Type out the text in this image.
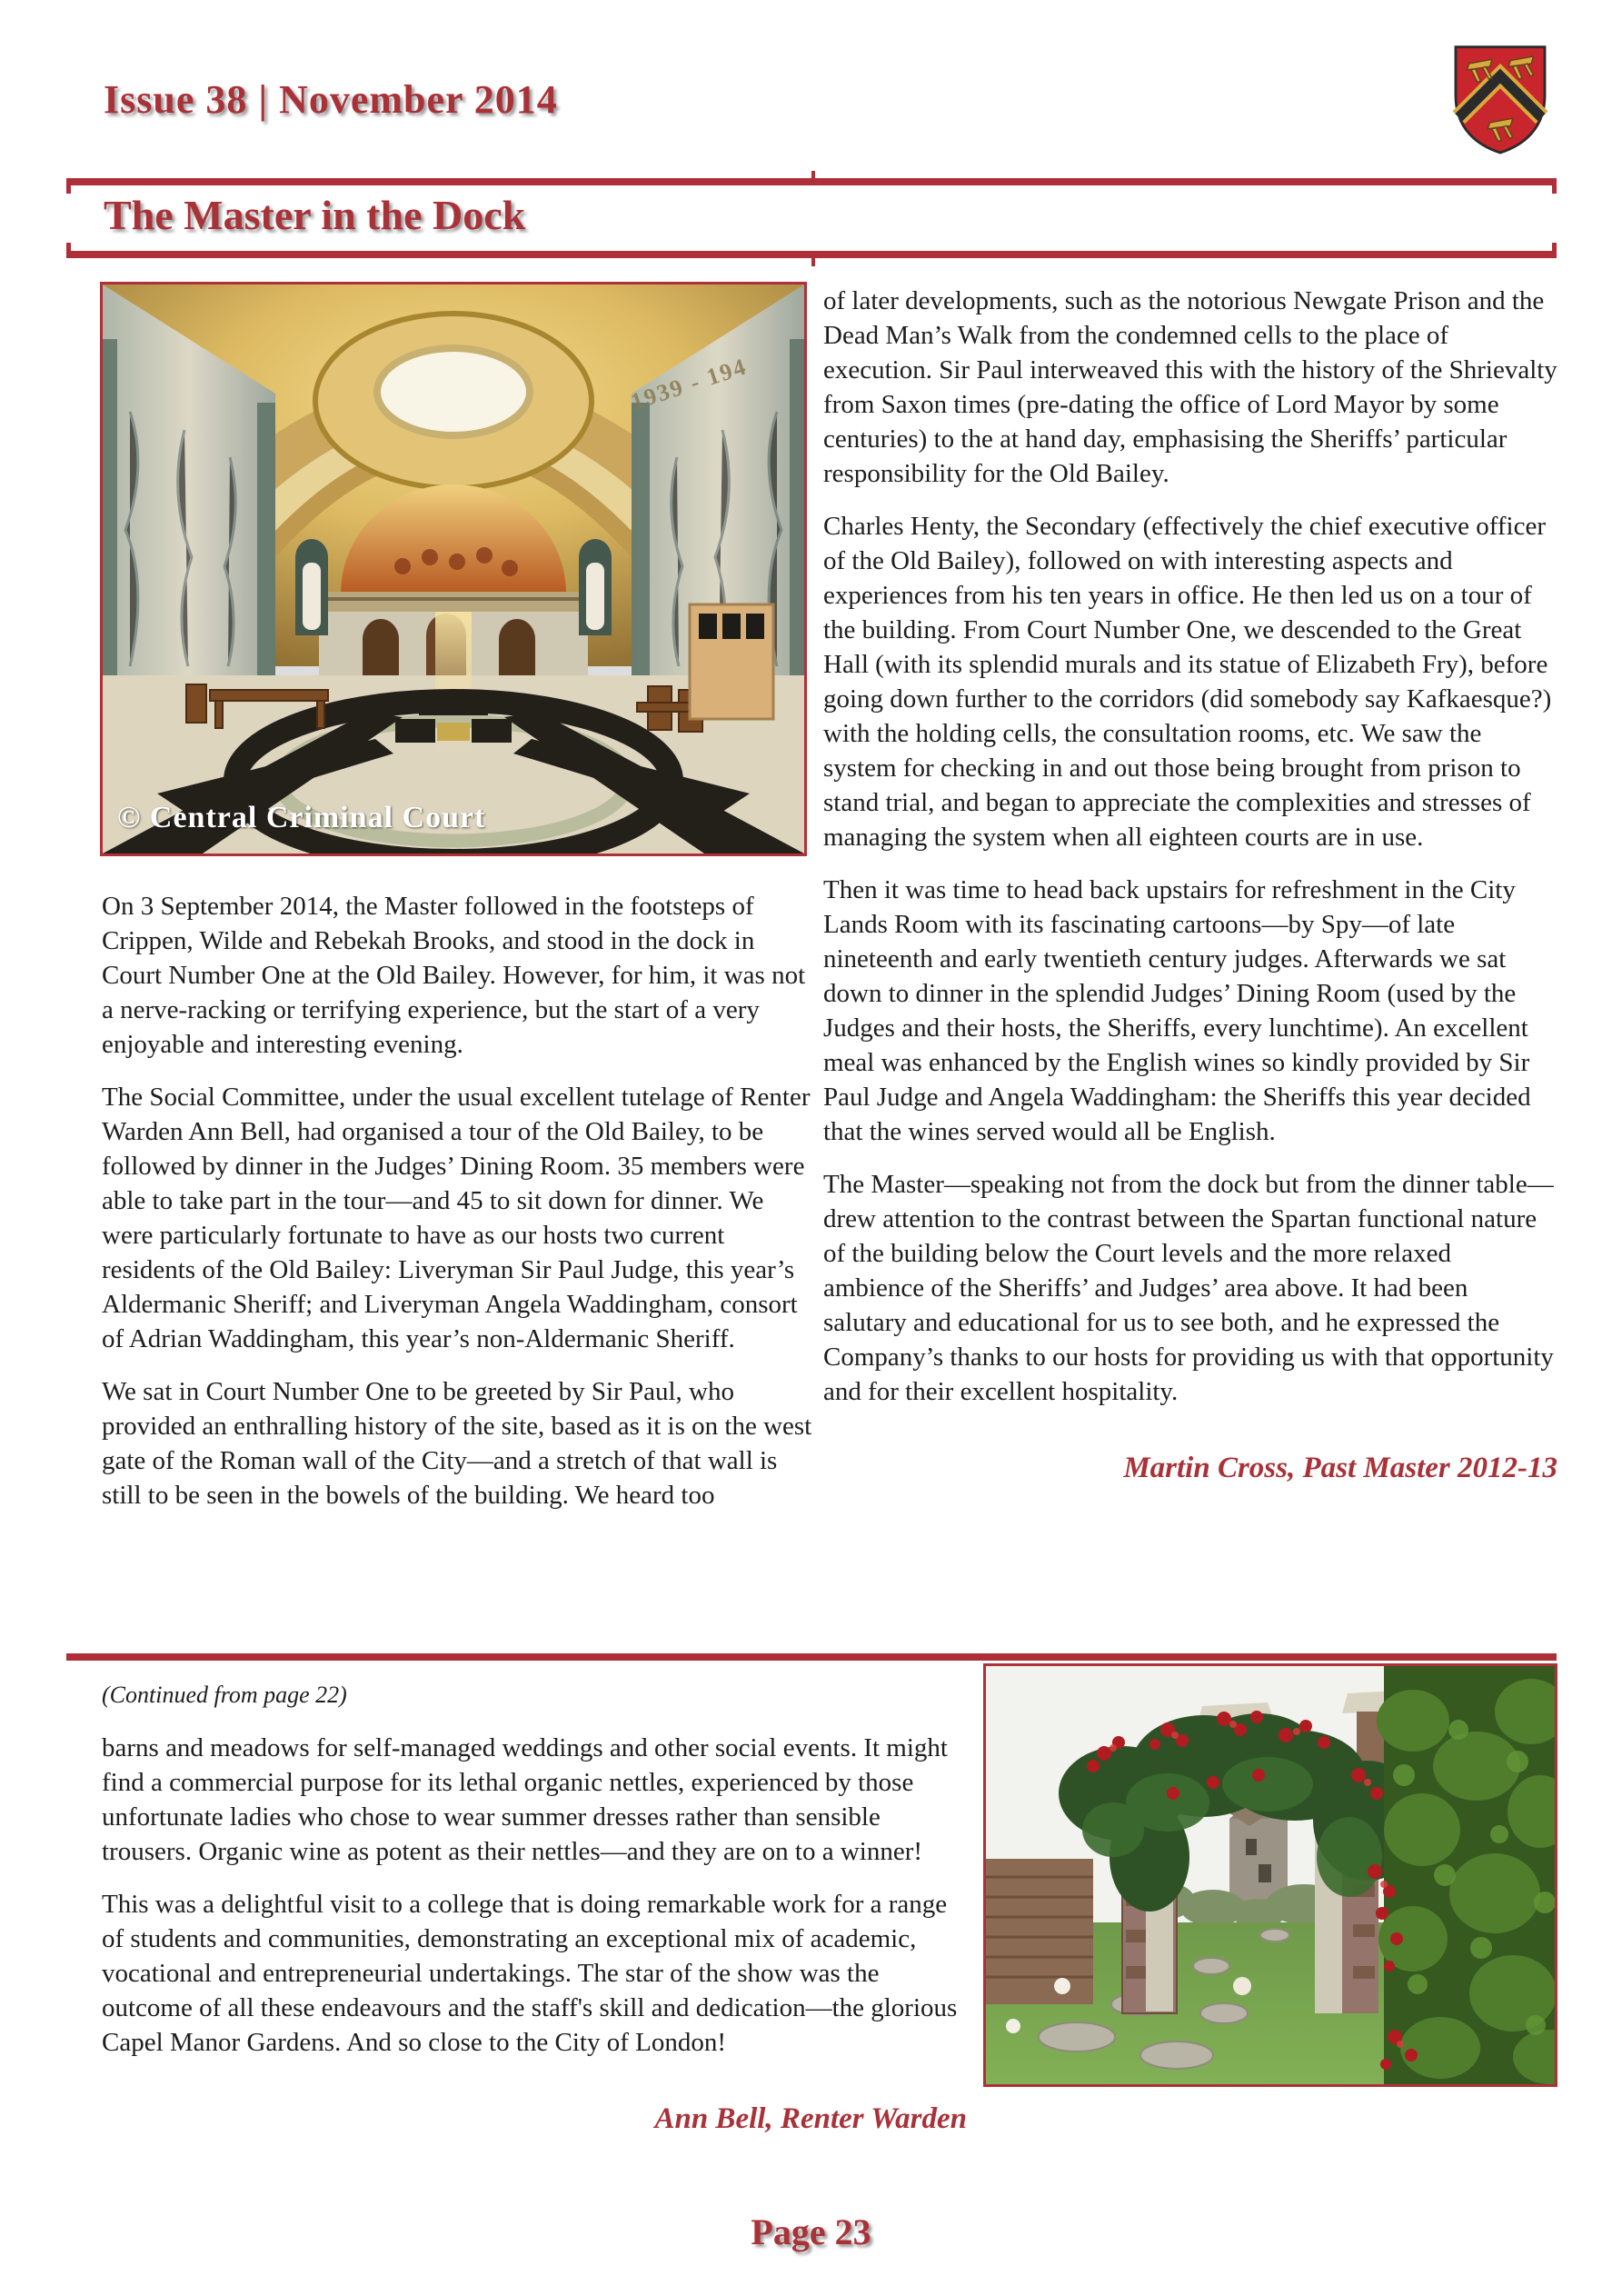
Issue 38 | November 2014
The Master in the Dock
1939 - 194
© Central Criminal Court

of later developments, such as the notorious Newgate Prison and the Dead Man’s Walk from the condemned cells to the place of execution. Sir Paul interweaved this with the history of the Shrievalty from Saxon times (pre-dating the office of Lord Mayor by some centuries) to the at hand day, emphasising the Sheriffs’ particular responsibility for the Old Bailey.

Charles Henty, the Secondary (effectively the chief executive officer of the Old Bailey), followed on with interesting aspects and experiences from his ten years in office. He then led us on a tour of the building. From Court Number One, we descended to the Great Hall (with its splendid murals and its statue of Elizabeth Fry), before going down further to the corridors (did somebody say Kafkaesque?) with the holding cells, the consultation rooms, etc. We saw the system for checking in and out those being brought from prison to stand trial, and began to appreciate the complexities and stresses of managing the system when all eighteen courts are in use.

Then it was time to head back upstairs for refreshment in the City Lands Room with its fascinating cartoons—by Spy—of late nineteenth and early twentieth century judges. Afterwards we sat down to dinner in the splendid Judges’ Dining Room (used by the Judges and their hosts, the Sheriffs, every lunchtime). An excellent meal was enhanced by the English wines so kindly provided by Sir Paul Judge and Angela Waddingham: the Sheriffs this year decided that the wines served would all be English.

The Master—speaking not from the dock but from the dinner table—drew attention to the contrast between the Spartan functional nature of the building below the Court levels and the more relaxed ambience of the Sheriffs’ and Judges’ area above. It had been salutary and educational for us to see both, and he expressed the Company’s thanks to our hosts for providing us with that opportunity and for their excellent hospitality.

Martin Cross, Past Master 2012-13

On 3 September 2014, the Master followed in the footsteps of Crippen, Wilde and Rebekah Brooks, and stood in the dock in Court Number One at the Old Bailey. However, for him, it was not a nerve-racking or terrifying experience, but the start of a very enjoyable and interesting evening.

The Social Committee, under the usual excellent tutelage of Renter Warden Ann Bell, had organised a tour of the Old Bailey, to be followed by dinner in the Judges’ Dining Room. 35 members were able to take part in the tour—and 45 to sit down for dinner. We were particularly fortunate to have as our hosts two current residents of the Old Bailey: Liveryman Sir Paul Judge, this year’s Aldermanic Sheriff; and Liveryman Angela Waddingham, consort of Adrian Waddingham, this year’s non-Aldermanic Sheriff.

We sat in Court Number One to be greeted by Sir Paul, who provided an enthralling history of the site, based as it is on the west gate of the Roman wall of the City—and a stretch of that wall is still to be seen in the bowels of the building. We heard too

(Continued from page 22)

barns and meadows for self-managed weddings and other social events. It might find a commercial purpose for its lethal organic nettles, experienced by those unfortunate ladies who chose to wear summer dresses rather than sensible trousers. Organic wine as potent as their nettles—and they are on to a winner!

This was a delightful visit to a college that is doing remarkable work for a range of students and communities, demonstrating an exceptional mix of academic, vocational and entrepreneurial undertakings. The star of the show was the outcome of all these endeavours and the staff's skill and dedication—the glorious Capel Manor Gardens. And so close to the City of London!

Ann Bell, Renter Warden
Page 23
